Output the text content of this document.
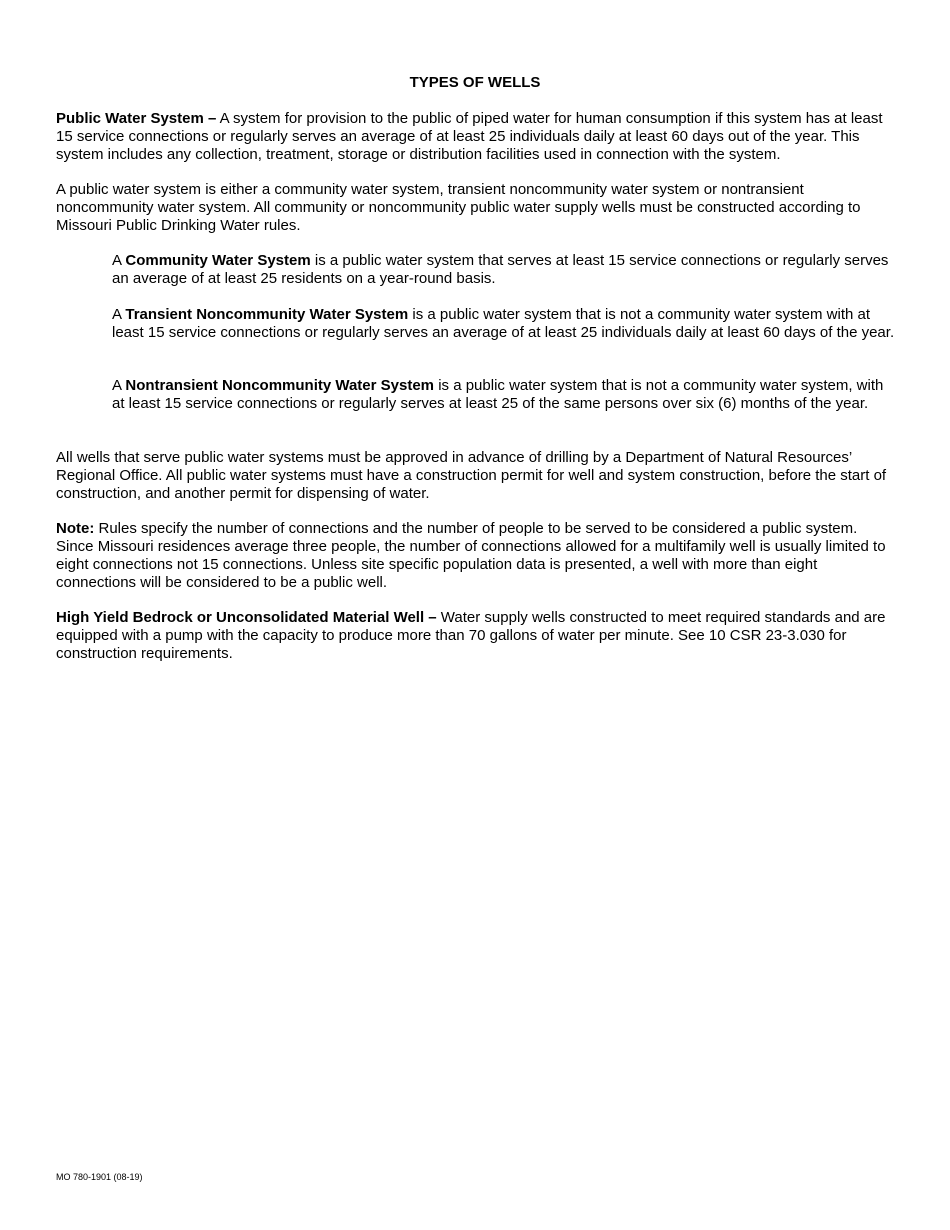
TYPES OF WELLS

Public Water System – A system for provision to the public of piped water for human consumption if this system has at least 15 service connections or regularly serves an average of at least 25 individuals daily at least 60 days out of the year. This system includes any collection, treatment, storage or distribution facilities used in connection with the system.

A public water system is either a community water system, transient noncommunity water system or nontransient noncommunity water system. All community or noncommunity public water supply wells must be constructed according to Missouri Public Drinking Water rules.

A Community Water System is a public water system that serves at least 15 service connections or regularly serves an average of at least 25 residents on a year-round basis.

A Transient Noncommunity Water System is a public water system that is not a community water system with at least 15 service connections or regularly serves an average of at least 25 individuals daily at least 60 days of the year.

A Nontransient Noncommunity Water System is a public water system that is not a community water system, with at least 15 service connections or regularly serves at least 25 of the same persons over six (6) months of the year.

All wells that serve public water systems must be approved in advance of drilling by a Department of Natural Resources’ Regional Office. All public water systems must have a construction permit for well and system construction, before the start of construction, and another permit for dispensing of water.

Note: Rules specify the number of connections and the number of people to be served to be considered a public system. Since Missouri residences average three people, the number of connections allowed for a multifamily well is usually limited to eight connections not 15 connections. Unless site specific population data is presented, a well with more than eight connections will be considered to be a public well.

High Yield Bedrock or Unconsolidated Material Well – Water supply wells constructed to meet required standards and are equipped with a pump with the capacity to produce more than 70 gallons of water per minute. See 10 CSR 23-3.030 for construction requirements.

MO 780-1901 (08-19)
